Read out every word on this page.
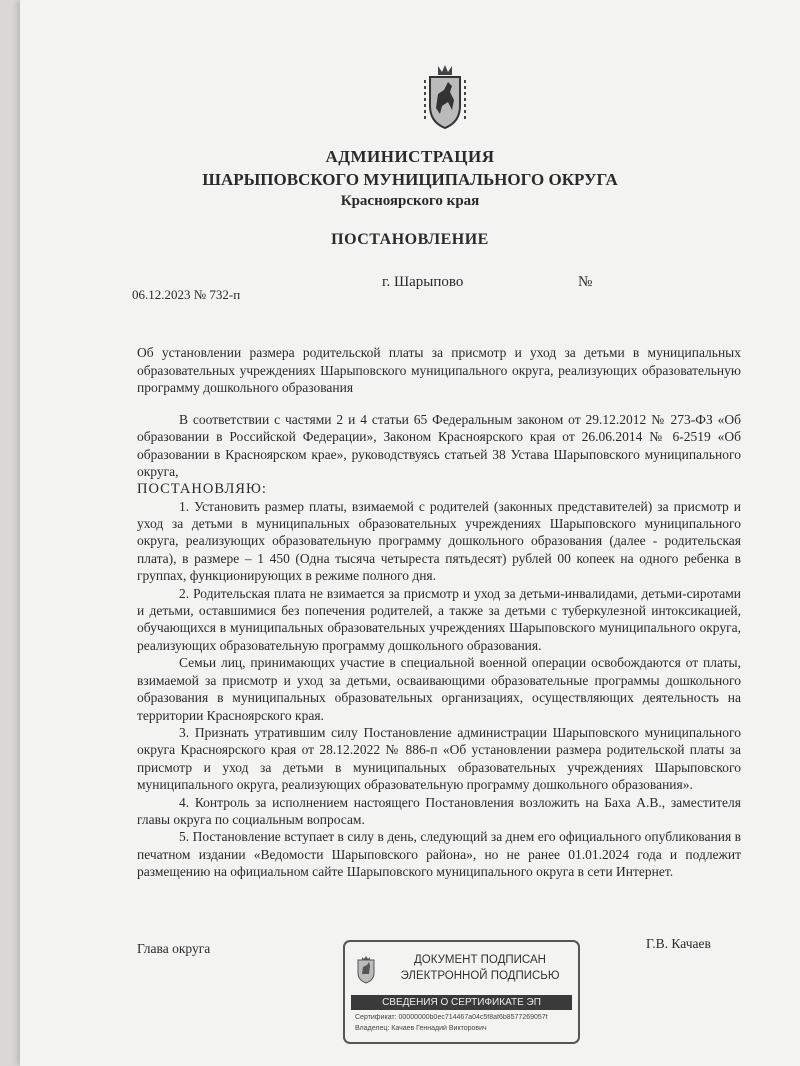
АДМИНИСТРАЦИЯ
ШАРЫПОВСКОГО МУНИЦИПАЛЬНОГО ОКРУГА
Красноярского края
ПОСТАНОВЛЕНИЕ
г. Шарыпово	№
06.12.2023 № 732-п
Об установлении размера родительской платы за присмотр и уход за детьми в муниципальных образовательных учреждениях Шарыповского муниципального округа, реализующих образовательную программу дошкольного образования

В соответствии с частями 2 и 4 статьи 65 Федеральным законом от 29.12.2012 № 273-ФЗ «Об образовании в Российской Федерации», Законом Красноярского края от 26.06.2014 № 6-2519 «Об образовании в Красноярском крае», руководствуясь статьей 38 Устава Шарыповского муниципального округа,

ПОСТАНОВЛЯЮ:

1. Установить размер платы, взимаемой с родителей (законных представителей) за присмотр и уход за детьми в муниципальных образовательных учреждениях Шарыповского муниципального округа, реализующих образовательную программу дошкольного образования (далее - родительская плата), в размере – 1 450 (Одна тысяча четыреста пятьдесят) рублей 00 копеек на одного ребенка в группах, функционирующих в режиме полного дня.

2. Родительская плата не взимается за присмотр и уход за детьми-инвалидами, детьми-сиротами и детьми, оставшимися без попечения родителей, а также за детьми с туберкулезной интоксикацией, обучающихся в муниципальных образовательных учреждениях Шарыповского муниципального округа, реализующих образовательную программу дошкольного образования.

Семьи лиц, принимающих участие в специальной военной операции освобождаются от платы, взимаемой за присмотр и уход за детьми, осваивающими образовательные программы дошкольного образования в муниципальных образовательных организациях, осуществляющих деятельность на территории Красноярского края.

3. Признать утратившим силу Постановление администрации Шарыповского муниципального округа Красноярского края от 28.12.2022 № 886-п «Об установлении размера родительской платы за присмотр и уход за детьми в муниципальных образовательных учреждениях Шарыповского муниципального округа, реализующих образовательную программу дошкольного образования».

4. Контроль за исполнением настоящего Постановления возложить на Баха А.В., заместителя главы округа по социальным вопросам.

5. Постановление вступает в силу в день, следующий за днем его официального опубликования в печатном издании «Ведомости Шарыповского района», но не ранее 01.01.2024 года и подлежит размещению на официальном сайте Шарыповского муниципального округа в сети Интернет.

Глава округа	Г.В. Качаев
ДОКУМЕНТ ПОДПИСАН
ЭЛЕКТРОННОЙ ПОДПИСЬЮ
СВЕДЕНИЯ О СЕРТИФИКАТЕ ЭП
Сертификат: 00000000b0ec714467a04c5f8af6b8577269057f
Владелец: Качаев Геннадий Викторович
